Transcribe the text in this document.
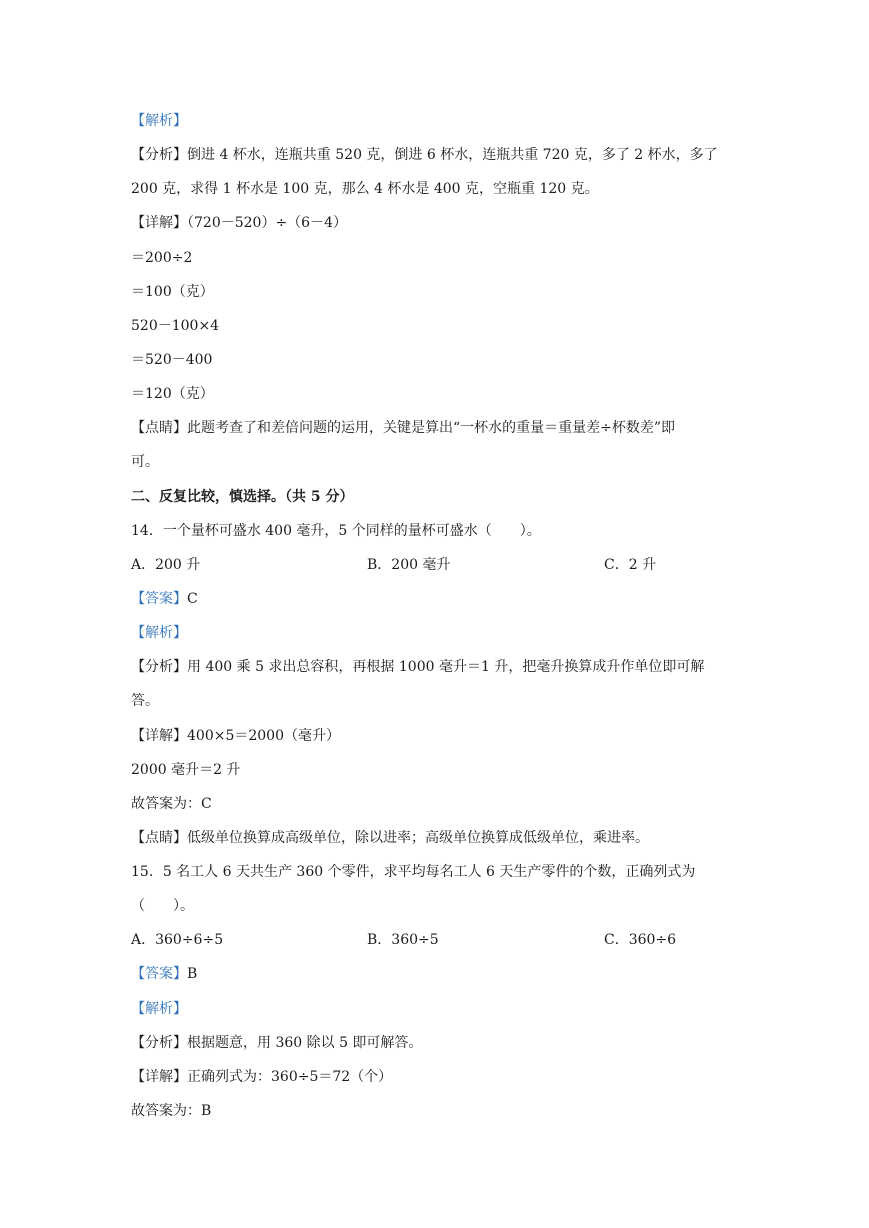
【解析】
【分析】倒进 4 杯水，连瓶共重 520 克，倒进 6 杯水，连瓶共重 720 克，多了 2 杯水，多了
200 克，求得 1 杯水是 100 克，那么 4 杯水是 400 克，空瓶重 120 克。
【详解】（720－520）÷（6－4）
＝200÷2
＝100（克）
520－100×4
＝520－400
＝120（克）
【点睛】此题考查了和差倍问题的运用，关键是算出“一杯水的重量＝重量差÷杯数差”即
可。
二、反复比较，慎选择。（共 5 分）
14．一个量杯可盛水 400 毫升，5 个同样的量杯可盛水（　　）。
A．200 升	B．200 毫升	C．2 升
【答案】C
【解析】
【分析】用 400 乘 5 求出总容积，再根据 1000 毫升＝1 升，把毫升换算成升作单位即可解
答。
【详解】400×5＝2000（毫升）
2000 毫升＝2 升
故答案为：C
【点睛】低级单位换算成高级单位，除以进率；高级单位换算成低级单位，乘进率。
15．5 名工人 6 天共生产 360 个零件，求平均每名工人 6 天生产零件的个数，正确列式为
（　　）。
A．360÷6÷5	B．360÷5	C．360÷6
【答案】B
【解析】
【分析】根据题意，用 360 除以 5 即可解答。
【详解】正确列式为：360÷5＝72（个）
故答案为：B
